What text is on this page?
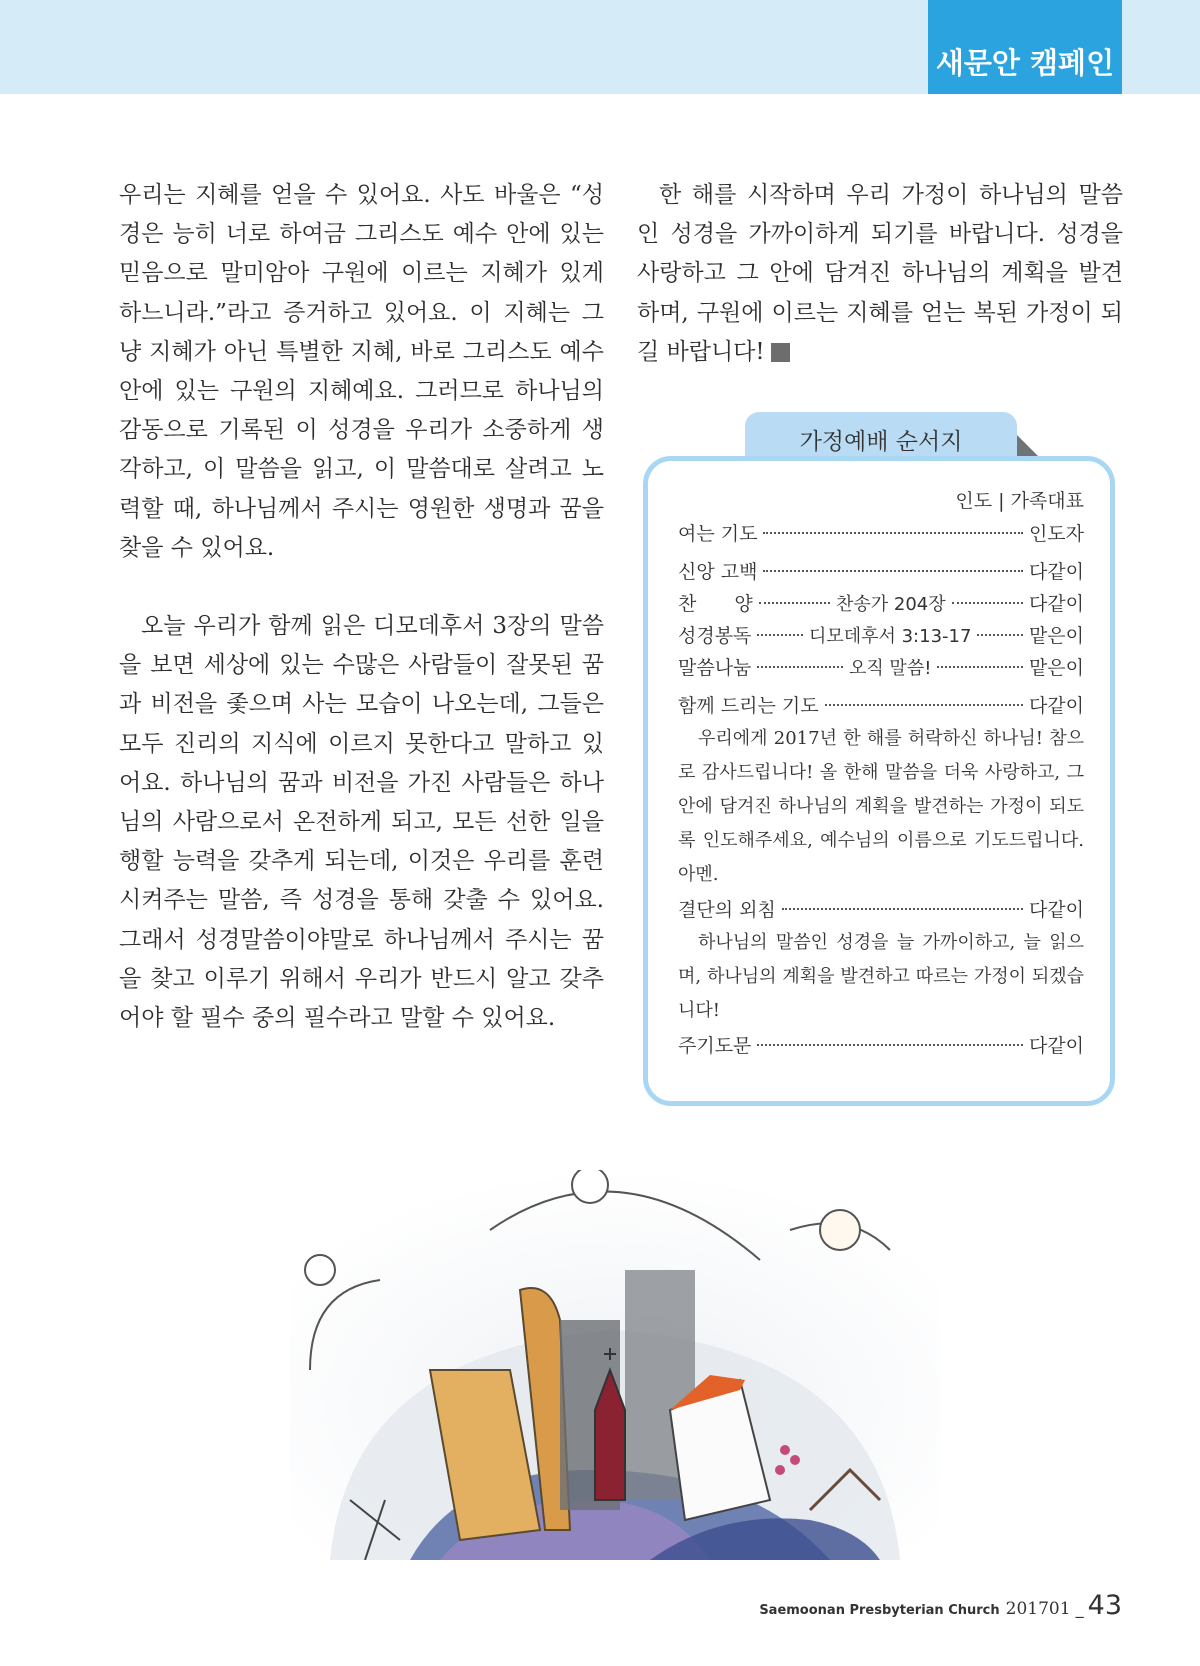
새문안 캠페인

우리는 지혜를 얻을 수 있어요. 사도 바울은 “성경은 능히 너로 하여금 그리스도 예수 안에 있는 믿음으로 말미암아 구원에 이르는 지혜가 있게 하느니라.”라고 증거하고 있어요. 이 지혜는 그냥 지혜가 아닌 특별한 지혜, 바로 그리스도 예수 안에 있는 구원의 지혜예요. 그러므로 하나님의 감동으로 기록된 이 성경을 우리가 소중하게 생각하고, 이 말씀을 읽고, 이 말씀대로 살려고 노력할 때, 하나님께서 주시는 영원한 생명과 꿈을 찾을 수 있어요.

오늘 우리가 함께 읽은 디모데후서 3장의 말씀을 보면 세상에 있는 수많은 사람들이 잘못된 꿈과 비전을 좇으며 사는 모습이 나오는데, 그들은 모두 진리의 지식에 이르지 못한다고 말하고 있어요. 하나님의 꿈과 비전을 가진 사람들은 하나님의 사람으로서 온전하게 되고, 모든 선한 일을 행할 능력을 갖추게 되는데, 이것은 우리를 훈련시켜주는 말씀, 즉 성경을 통해 갖출 수 있어요. 그래서 성경말씀이야말로 하나님께서 주시는 꿈을 찾고 이루기 위해서 우리가 반드시 알고 갖추어야 할 필수 중의 필수라고 말할 수 있어요.

한 해를 시작하며 우리 가정이 하나님의 말씀인 성경을 가까이하게 되기를 바랍니다. 성경을 사랑하고 그 안에 담겨진 하나님의 계획을 발견하며, 구원에 이르는 지혜를 얻는 복된 가정이 되길 바랍니다! 세

가정예배 순서지
인도 | 가족대표
여는 기도	인도자
신앙 고백	다같이
찬　　양	찬송가 204장	다같이
성경봉독	디모데후서 3:13-17	맡은이
말씀나눔	오직 말씀!	맡은이
함께 드리는 기도	다같이

우리에게 2017년 한 해를 허락하신 하나님! 참으로 감사드립니다! 올 한해 말씀을 더욱 사랑하고, 그 안에 담겨진 하나님의 계획을 발견하는 가정이 되도록 인도해주세요, 예수님의 이름으로 기도드립니다. 아멘.

결단의 외침	다같이

하나님의 말씀인 성경을 늘 가까이하고, 늘 읽으며, 하나님의 계획을 발견하고 따르는 가정이 되겠습니다!

주기도문	다같이
Saemoonan Presbyterian Church 201701 _ 43
